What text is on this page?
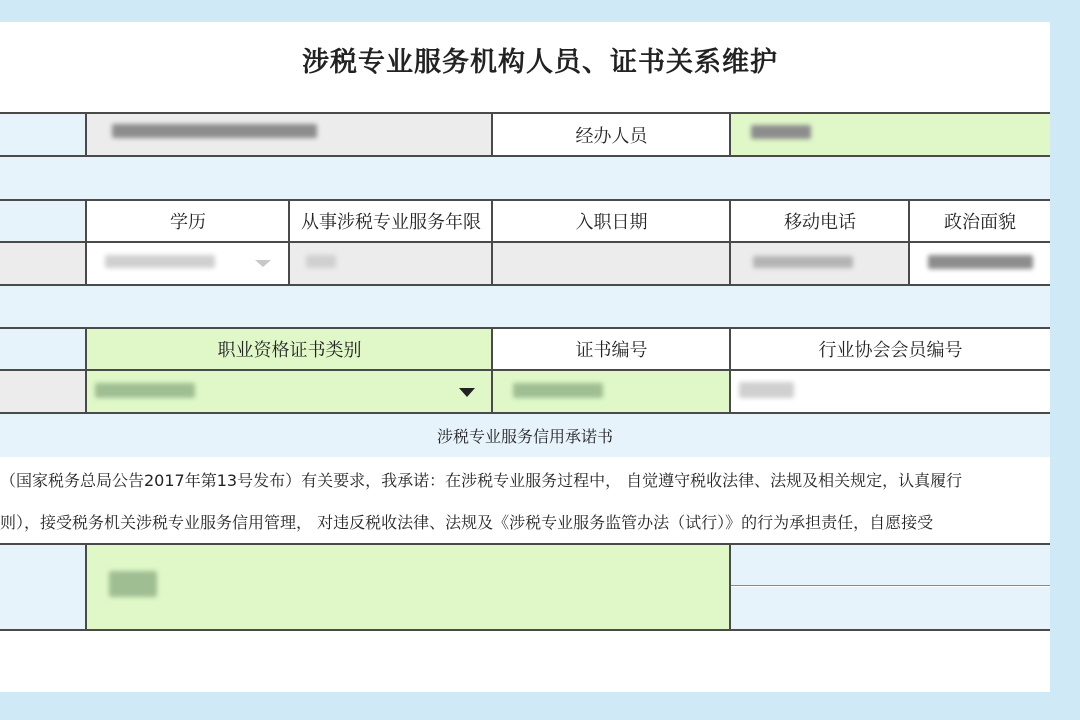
涉税专业服务机构人员、证书关系维护
经办人员
学历	从事涉税专业服务年限	入职日期	移动电话	政治面貌
职业资格证书类别	证书编号	行业协会会员编号
涉税专业服务信用承诺书
（国家税务总局公告2017年第13号发布）有关要求，我承诺：在涉税专业服务过程中， 自觉遵守税收法律、法规及相关规定，认真履行
则），接受税务机关涉税专业服务信用管理， 对违反税收法律、法规及《涉税专业服务监管办法（试行）》的行为承担责任，自愿接受
